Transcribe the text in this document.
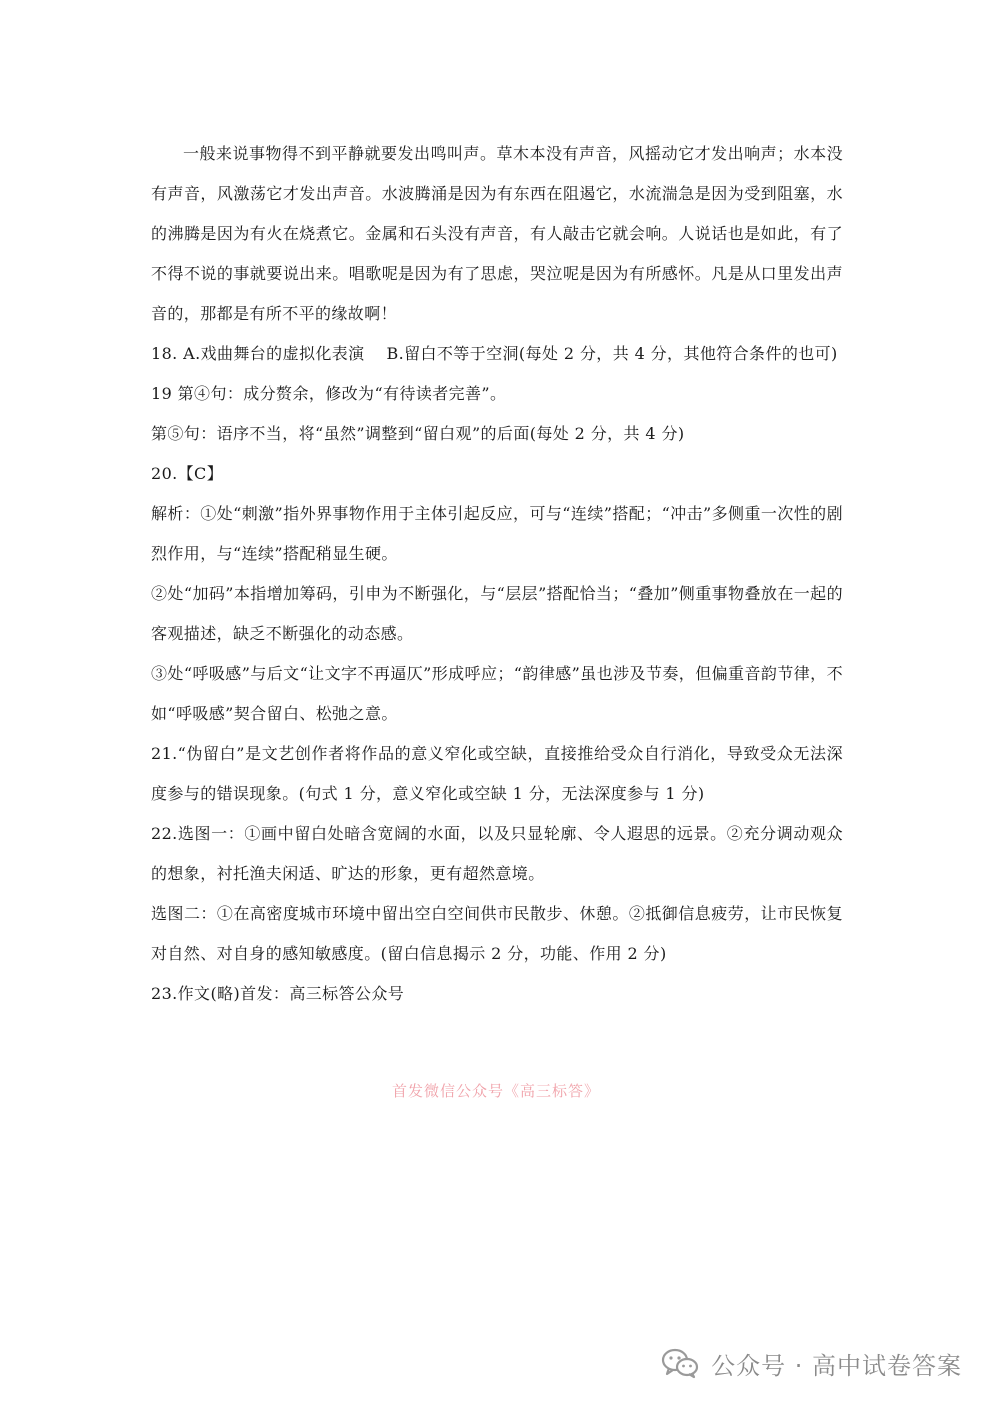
一般来说事物得不到平静就要发出鸣叫声。草木本没有声音，风摇动它才发出响声；水本没有声音，风激荡它才发出声音。水波腾涌是因为有东西在阻遏它，水流湍急是因为受到阻塞，水的沸腾是因为有火在烧煮它。金属和石头没有声音，有人敲击它就会响。人说话也是如此，有了不得不说的事就要说出来。唱歌呢是因为有了思虑，哭泣呢是因为有所感怀。凡是从口里发出声音的，那都是有所不平的缘故啊！

18. A.戏曲舞台的虚拟化表演　 B.留白不等于空洞(每处 2 分，共 4 分，其他符合条件的也可)

19 第④句：成分赘余，修改为“有待读者完善”。

第⑤句：语序不当，将“虽然”调整到“留白观”的后面(每处 2 分，共 4 分)

20.【C】

解析：①处“刺激”指外界事物作用于主体引起反应，可与“连续”搭配；“冲击”多侧重一次性的剧烈作用，与“连续”搭配稍显生硬。

②处“加码”本指增加筹码，引申为不断强化，与“层层”搭配恰当；“叠加”侧重事物叠放在一起的客观描述，缺乏不断强化的动态感。

③处“呼吸感”与后文“让文字不再逼仄”形成呼应；“韵律感”虽也涉及节奏，但偏重音韵节律，不如“呼吸感”契合留白、松弛之意。

21.“伪留白”是文艺创作者将作品的意义窄化或空缺，直接推给受众自行消化，导致受众无法深度参与的错误现象。(句式 1 分，意义窄化或空缺 1 分，无法深度参与 1 分)

22.选图一：①画中留白处暗含宽阔的水面，以及只显轮廓、令人遐思的远景。②充分调动观众的想象，衬托渔夫闲适、旷达的形象，更有超然意境。

选图二：①在高密度城市环境中留出空白空间供市民散步、休憩。②抵御信息疲劳，让市民恢复对自然、对自身的感知敏感度。(留白信息揭示 2 分，功能、作用 2 分)

23.作文(略)首发：高三标答公众号

首发微信公众号《高三标答》
公众号 · 高中试卷答案
